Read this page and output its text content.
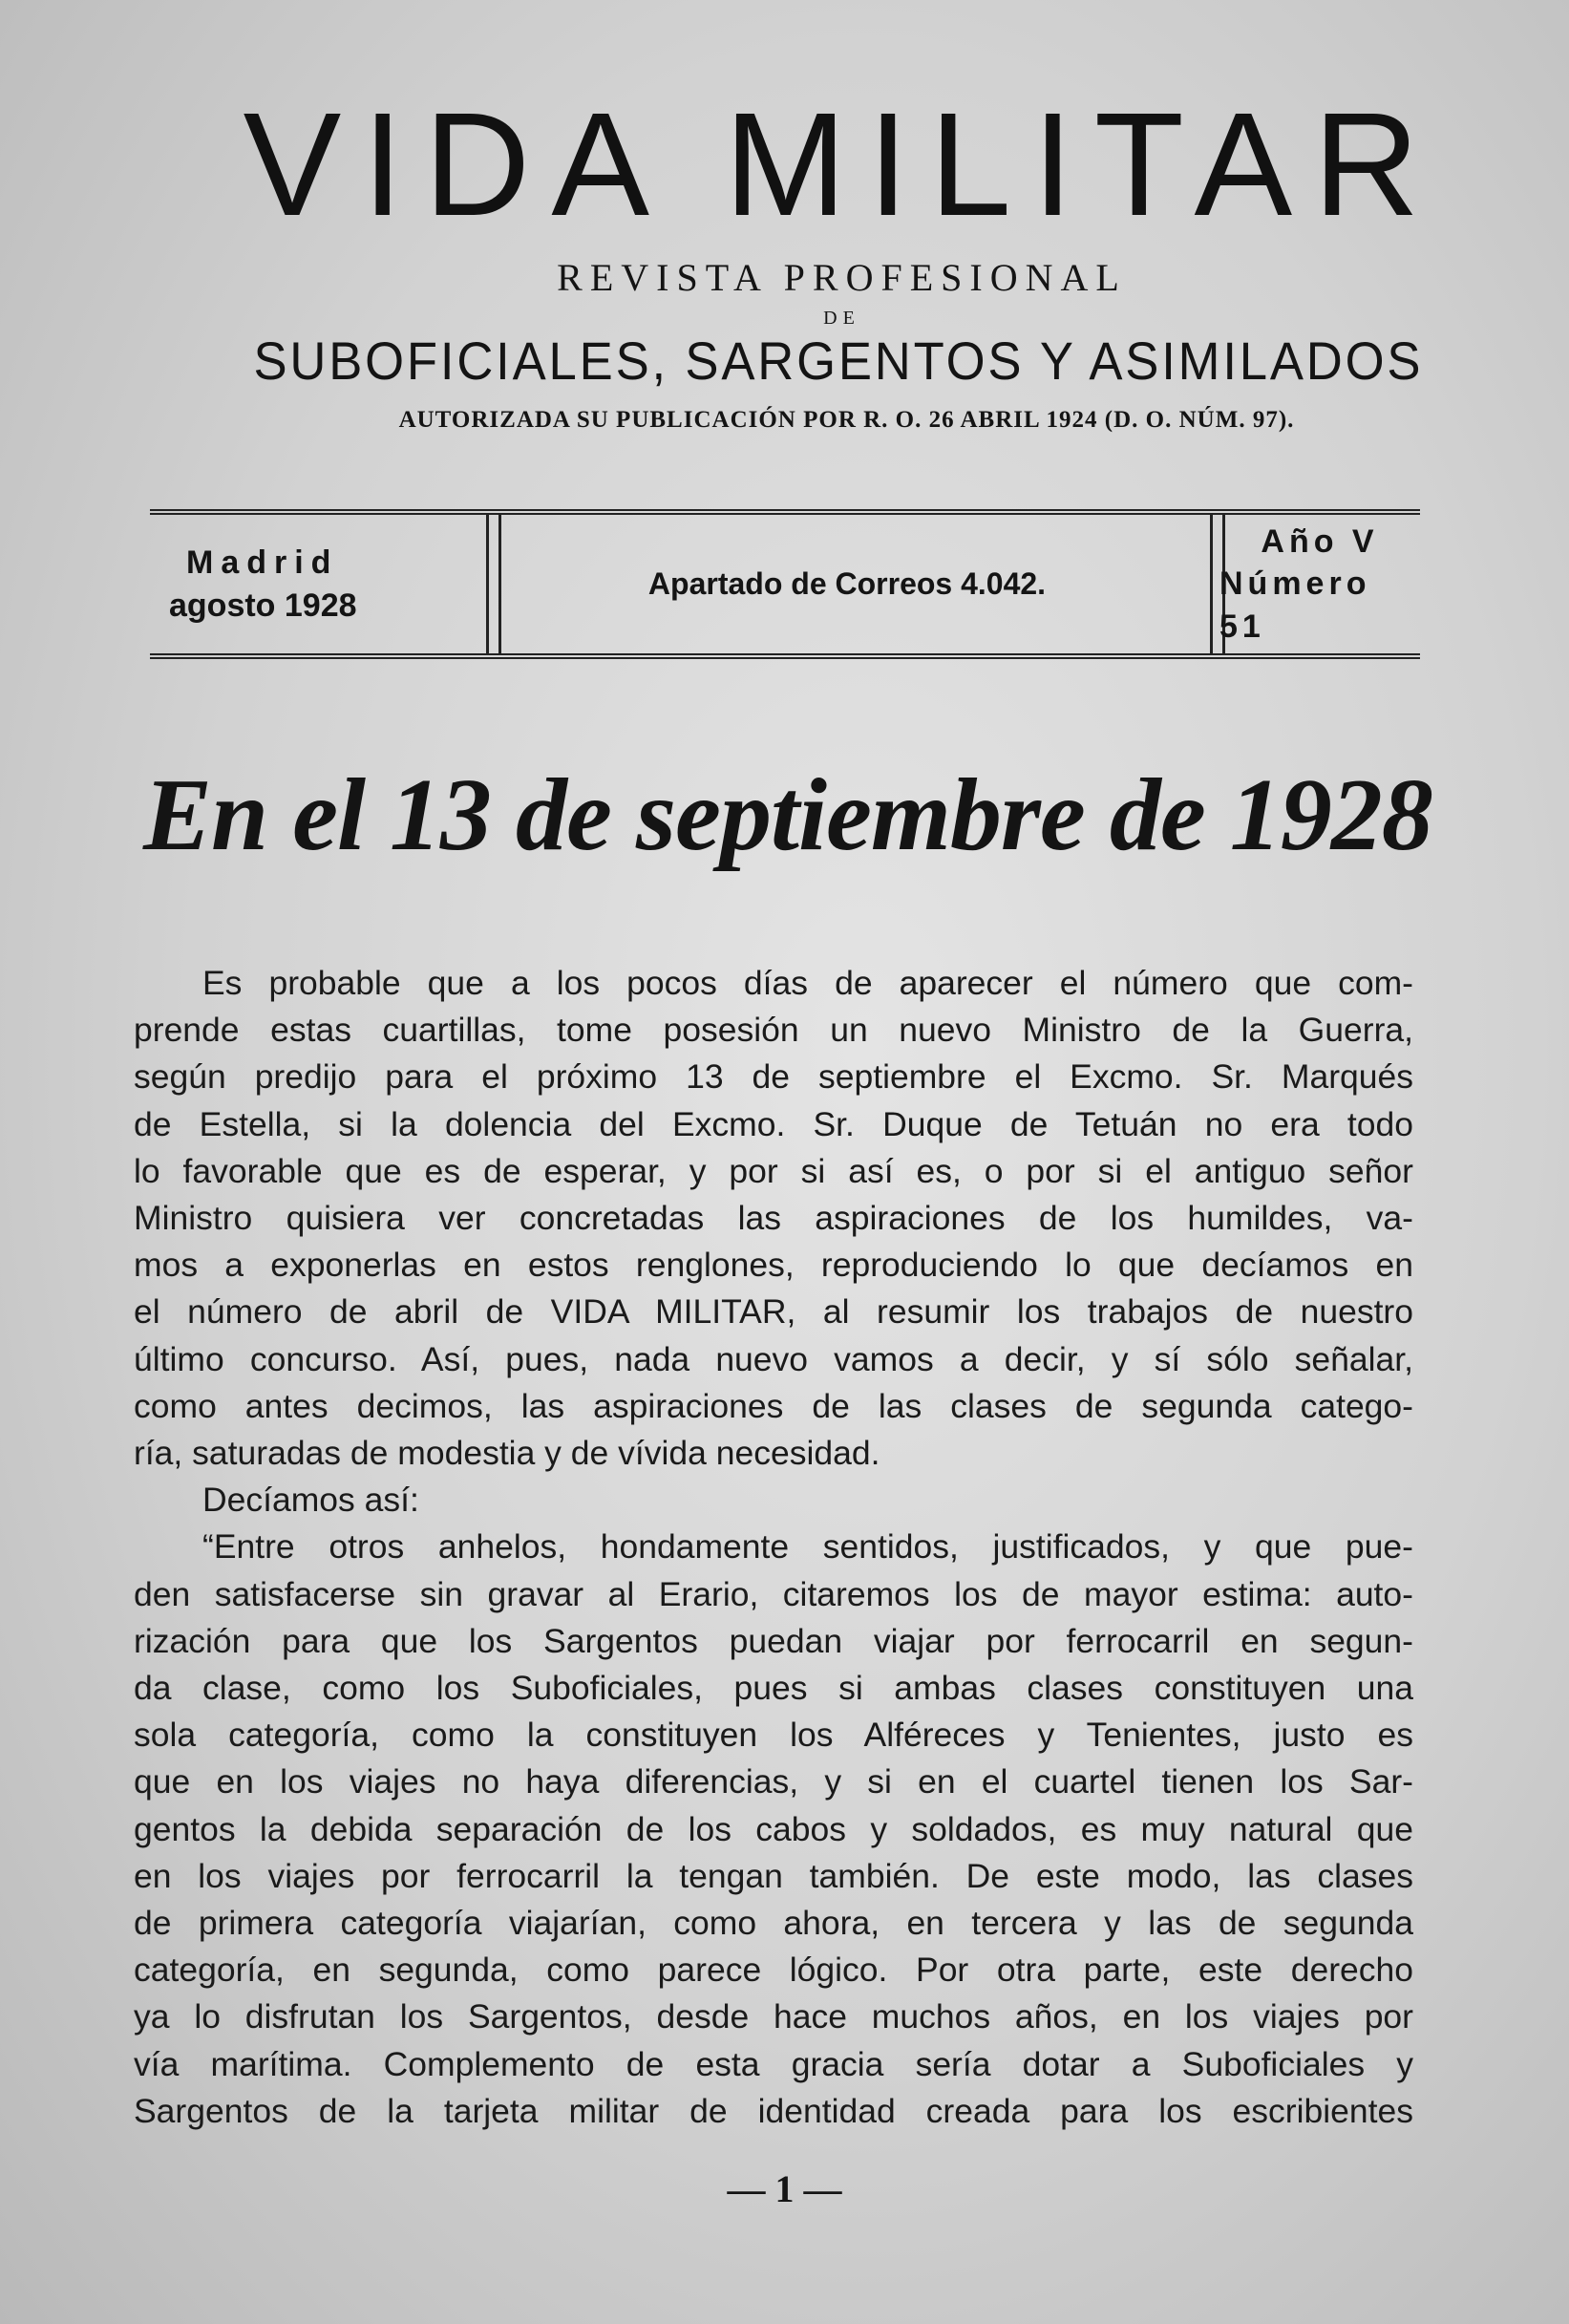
VIDA MILITAR
REVISTA PROFESIONAL
DE
SUBOFICIALES, SARGENTOS Y ASIMILADOS
AUTORIZADA SU PUBLICACIÓN POR R. O. 26 ABRIL 1924 (D. O. NÚM. 97).
Madrid
agosto 1928
Apartado de Correos 4.042.
Año V
Número 51
En el 13 de septiembre de 1928
Es probable que a los pocos días de aparecer el número que com-
prende estas cuartillas, tome posesión un nuevo Ministro de la Guerra,
según predijo para el próximo 13 de septiembre el Excmo. Sr. Marqués
de Estella, si la dolencia del Excmo. Sr. Duque de Tetuán no era todo
lo favorable que es de esperar, y por si así es, o por si el antiguo señor
Ministro quisiera ver concretadas las aspiraciones de los humildes, va-
mos a exponerlas en estos renglones, reproduciendo lo que decíamos en
el número de abril de VIDA MILITAR, al resumir los trabajos de nuestro
último concurso. Así, pues, nada nuevo vamos a decir, y sí sólo señalar,
como antes decimos, las aspiraciones de las clases de segunda catego-
ría, saturadas de modestia y de vívida necesidad.
Decíamos así:
“Entre otros anhelos, hondamente sentidos, justificados, y que pue-
den satisfacerse sin gravar al Erario, citaremos los de mayor estima: auto-
rización para que los Sargentos puedan viajar por ferrocarril en segun-
da clase, como los Suboficiales, pues si ambas clases constituyen una
sola categoría, como la constituyen los Alféreces y Tenientes, justo es
que en los viajes no haya diferencias, y si en el cuartel tienen los Sar-
gentos la debida separación de los cabos y soldados, es muy natural que
en los viajes por ferrocarril la tengan también. De este modo, las clases
de primera categoría viajarían, como ahora, en tercera y las de segunda
categoría, en segunda, como parece lógico. Por otra parte, este derecho
ya lo disfrutan los Sargentos, desde hace muchos años, en los viajes por
vía marítima. Complemento de esta gracia sería dotar a Suboficiales y
Sargentos de la tarjeta militar de identidad creada para los escribientes
— 1 —
